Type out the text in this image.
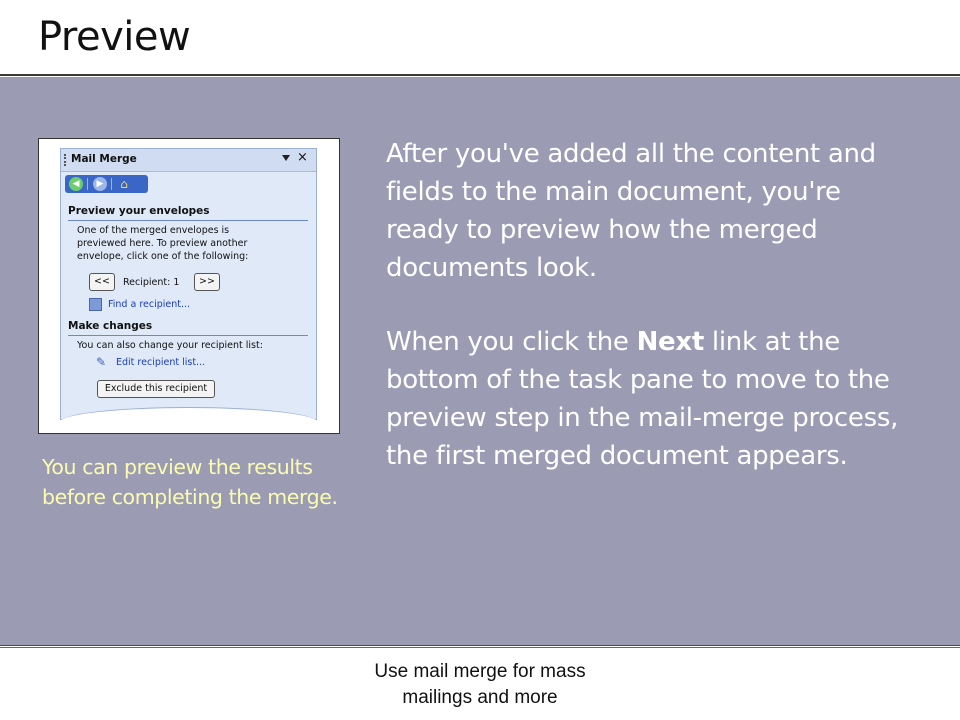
Preview
Mail Merge	×
◀	▶ ⌂
Preview your envelopes
One of the merged envelopes is
previewed here. To preview another
envelope, click one of the following:
<<	Recipient: 1	>>
Find a recipient...
Make changes
You can also change your recipient list:
✎	Edit recipient list...
Exclude this recipient
You can preview the results before completing the merge.
After you've added all the content and fields to the main document, you're ready to preview how the merged documents look.
When you click the Next link at the bottom of the task pane to move to the preview step in the mail-merge process, the first merged document appears.
Use mail merge for mass
mailings and more
